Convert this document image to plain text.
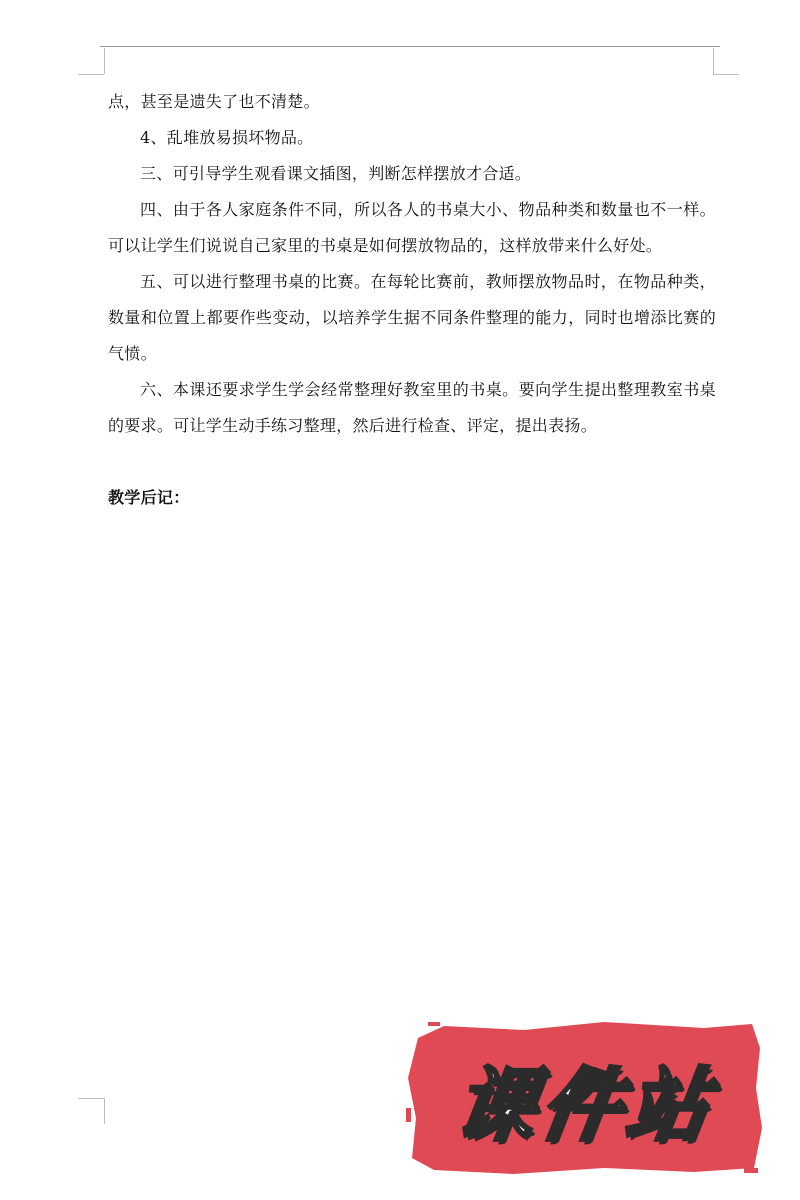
点，甚至是遗失了也不清楚。

4、乱堆放易损坏物品。

三、可引导学生观看课文插图，判断怎样摆放才合适。

四、由于各人家庭条件不同，所以各人的书桌大小、物品种类和数量也不一样。可以让学生们说说自己家里的书桌是如何摆放物品的，这样放带来什么好处。

五、可以进行整理书桌的比赛。在每轮比赛前，教师摆放物品时，在物品种类，数量和位置上都要作些变动，以培养学生据不同条件整理的能力，同时也增添比赛的气愤。

六、本课还要求学生学会经常整理好教室里的书桌。要向学生提出整理教室书桌的要求。可让学生动手练习整理，然后进行检查、评定，提出表扬。

教学后记：

课件站
